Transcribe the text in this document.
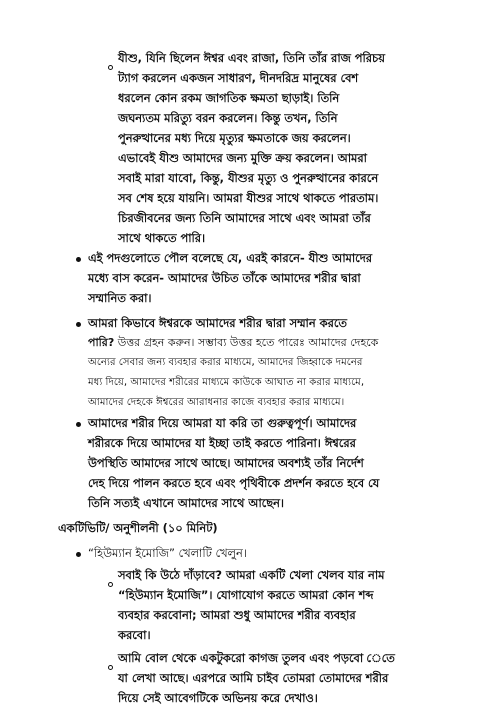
যীশু, যিনি ছিলেন ঈশ্বর এবং রাজা, তিনি তাঁর রাজ পরিচয়
ট্যাগ করলেন একজন সাধারণ, দীনদরিদ্র মানুষের বেশ
ধরলেন কোন রকম জাগতিক ক্ষমতা ছাড়াই। তিনি
জঘন্যতম মরিত্যু বরন করলেন। কিন্তু তখন, তিনি
পুনরুত্থানের মধ্য দিয়ে মৃত্যুর ক্ষমতাকে জয় করলেন।
এভাবেই যীশু আমাদের জন্য মুক্তি ক্রয় করলেন। আমরা
সবাই মারা যাবো, কিন্তু, যীশুর মৃত্যু ও পুনরুত্থানের কারনে
সব শেষ হয়ে যায়নি। আমরা যীশুর সাথে থাকতে পারতাম।
চিরজীবনের জন্য তিনি আমাদের সাথে এবং আমরা তাঁর
সাথে থাকতে পারি।
এই পদগুলোতে পৌল বলেছে যে, এরই কারনে- যীশু আমাদের
মধ্যে বাস করেন- আমাদের উচিত তাঁকে আমাদের শরীর দ্বারা
সম্মানিত করা।
আমরা কিভাবে ঈশ্বরকে আমাদের শরীর দ্বারা সম্মান করতে
পারি? উত্তর গ্রহন করুন। সম্ভাব্য উত্তর হতে পারেঃ আমাদের দেহকে
অন্যের সেবার জন্য ব্যবহার করার মাধ্যমে, আমাদের জিহ্বাকে দমনের
মধ্য দিয়ে, আমাদের শরীরের মাধ্যমে কাউকে আঘাত না করার মাধ্যমে,
আমাদের দেহকে ঈশ্বরের আরাধনার কাজে ব্যবহার করার মাধ্যমে।
আমাদের শরীর দিয়ে আমরা যা করি তা গুরুত্বপূর্ণ। আমাদের
শরীরকে দিয়ে আমাদের যা ইচ্ছা তাই করতে পারিনা। ঈশ্বরের
উপস্থিতি আমাদের সাথে আছে। আমাদের অবশ্যই তাঁর নির্দেশ
দেহ দিয়ে পালন করতে হবে এবং পৃথিবীকে প্রদর্শন করতে হবে যে
তিনি সত্যই এখানে আমাদের সাথে আছেন।
একটিভিটি/ অনুশীলনী (১০ মিনিট)
“হিউম্যান ইমোজি” খেলাটি খেলুন।
সবাই কি উঠে দাঁড়াবে? আমরা একটি খেলা খেলব যার নাম
“হিউম্যান ইমোজি”। যোগাযোগ করতে আমরা কোন শব্দ
ব্যবহার করবোনা; আমরা শুধু আমাদের শরীর ব্যবহার
করবো।
আমি বোল থেকে একটুকরো কাগজ তুলব এবং পড়বো েতে
যা লেখা আছে। এরপরে আমি চাইব তোমরা তোমাদের শরীর
দিয়ে সেই আবেগটিকে অভিনয় করে দেখাও।
